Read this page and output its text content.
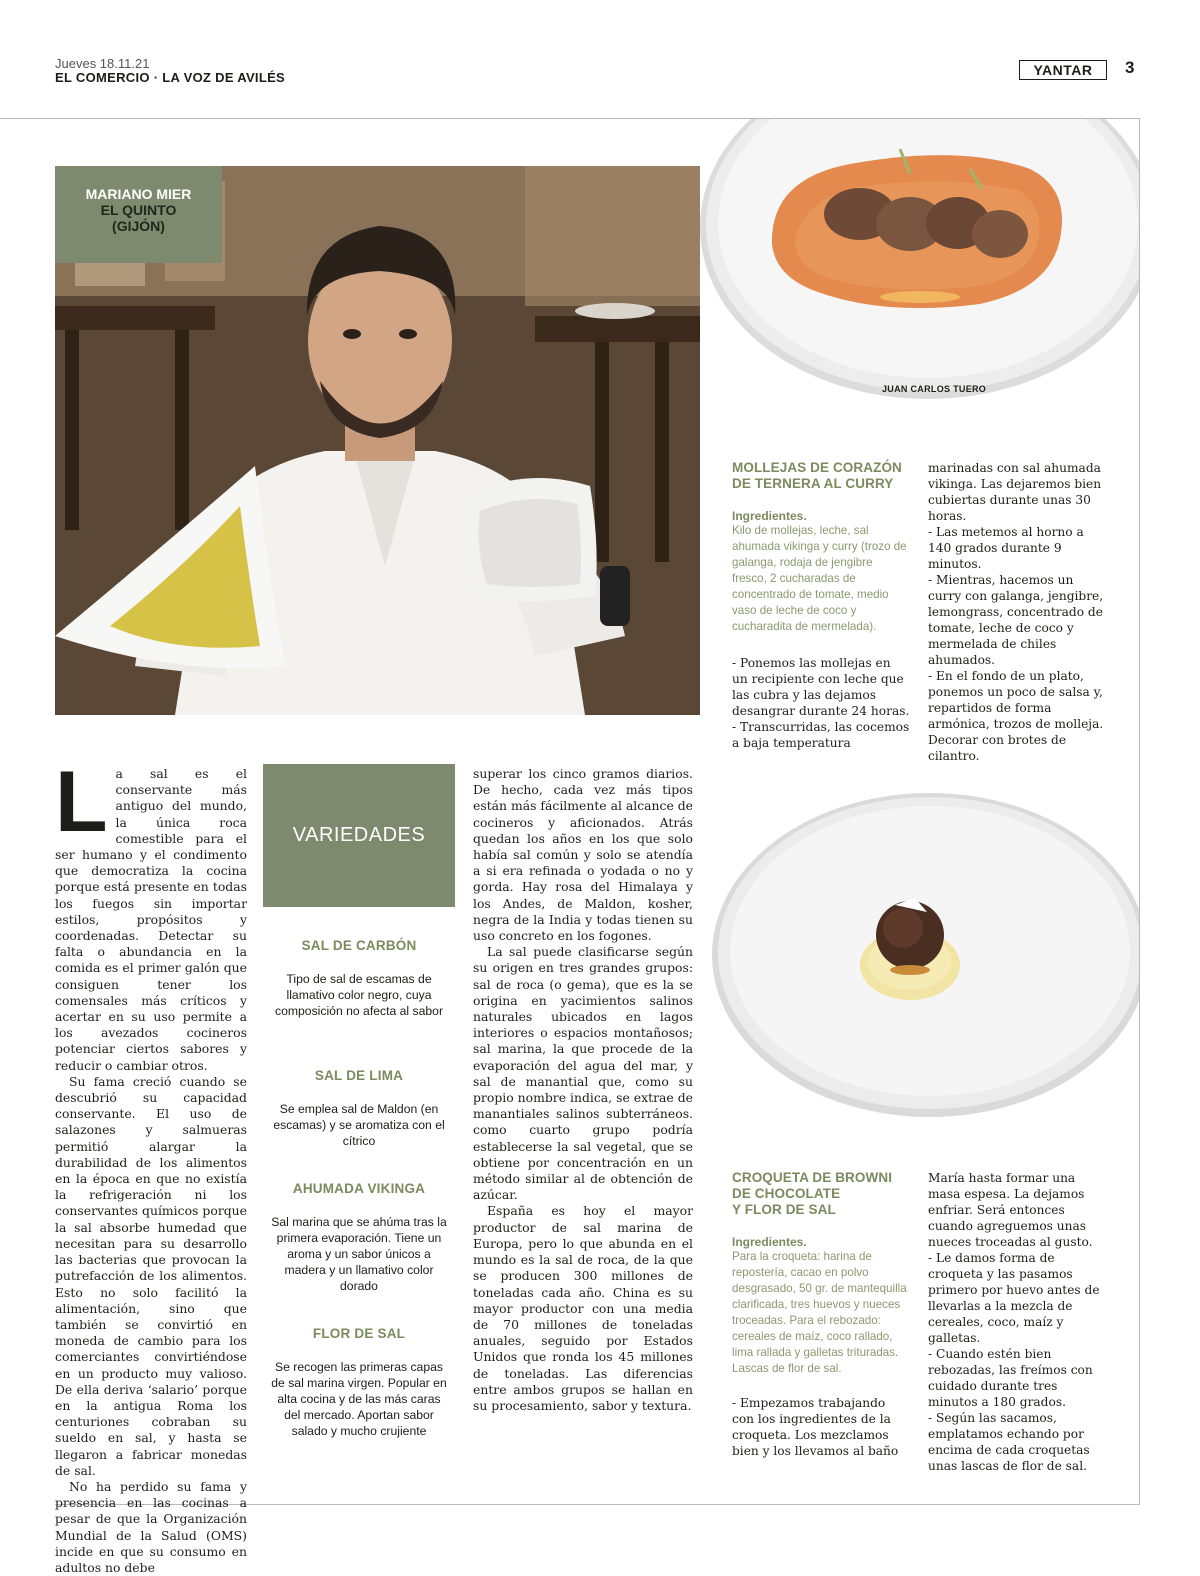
Jueves 18.11.21
EL COMERCIO · LA VOZ DE AVILÉS	YANTAR	3
MARIANO MIER
EL QUINTO
(GIJÓN)
JUAN CARLOS TUERO
MOLLEJAS DE CORAZÓN
DE TERNERA AL CURRY
Ingredientes.
Kilo de mollejas, leche, sal ahumada vikinga y curry (trozo de galanga, rodaja de jengibre fresco, 2 cucharadas de concentrado de tomate, medio vaso de leche de coco y cucharadita de mermelada).

- Ponemos las mollejas en un recipiente con leche que las cubra y las dejamos desangrar durante 24 horas.

- Transcurridas, las cocemos a baja temperatura

marinadas con sal ahumada vikinga. Las dejaremos bien cubiertas durante unas 30 horas.

- Las metemos al horno a 140 grados durante 9 minutos.

- Mientras, hacemos un curry con galanga, jengibre, lemongrass, concentrado de tomate, leche de coco y mermelada de chiles ahumados.

- En el fondo de un plato, ponemos un poco de salsa y, repartidos de forma armónica, trozos de molleja. Decorar con brotes de cilantro.

CROQUETA DE BROWNI
DE CHOCOLATE
Y FLOR DE SAL
Ingredientes.
Para la croqueta: harina de repostería, cacao en polvo desgrasado, 50 gr. de mantequilla clarificada, tres huevos y nueces troceadas. Para el rebozado: cereales de maíz, coco rallado, lima rallada y galletas trituradas. Lascas de flor de sal.

- Empezamos trabajando con los ingredientes de la croqueta. Los mezclamos bien y los llevamos al baño

María hasta formar una masa espesa. La dejamos enfriar. Será entonces cuando agreguemos unas nueces troceadas al gusto.

- Le damos forma de croqueta y las pasamos primero por huevo antes de llevarlas a la mezcla de cereales, coco, maíz y galletas.

- Cuando estén bien rebozadas, las freímos con cuidado durante tres minutos a 180 grados.

- Según las sacamos, emplatamos echando por encima de cada croquetas unas lascas de flor de sal.

L a sal es el conservante más antiguo del mundo, la única roca comestible para el ser humano y el condimento que democratiza la cocina porque está presente en todas los fuegos sin importar estilos, propósitos y coordenadas. Detectar su falta o abundancia en la comida es el primer galón que consiguen tener los comensales más críticos y acertar en su uso permite a los avezados cocineros potenciar ciertos sabores y reducir o cambiar otros.

Su fama creció cuando se descubrió su capacidad conservante. El uso de salazones y salmueras permitió alargar la durabilidad de los alimentos en la época en que no existía la refrigeración ni los conservantes químicos porque la sal absorbe humedad que necesitan para su desarrollo las bacterias que provocan la putrefacción de los alimentos. Esto no solo facilitó la alimentación, sino que también se convirtió en moneda de cambio para los comerciantes convirtiéndose en un producto muy valioso. De ella deriva ‘salario’ porque en la antigua Roma los centuriones cobraban su sueldo en sal, y hasta se llegaron a fabricar monedas de sal.

No ha perdido su fama y presencia en las cocinas a pesar de que la Organización Mundial de la Salud (OMS) incide en que su consumo en adultos no debe

VARIEDADES
SAL DE CARBÓN
Tipo de sal de escamas de llamativo color negro, cuya composición no afecta al sabor
SAL DE LIMA
Se emplea sal de Maldon (en escamas) y se aromatiza con el cítrico
AHUMADA VIKINGA
Sal marina que se ahúma tras la primera evaporación. Tiene un aroma y un sabor únicos a madera y un llamativo color dorado
FLOR DE SAL
Se recogen las primeras capas de sal marina virgen. Popular en alta cocina y de las más caras del mercado. Aportan sabor salado y mucho crujiente

superar los cinco gramos diarios. De hecho, cada vez más tipos están más fácilmente al alcance de cocineros y aficionados. Atrás quedan los años en los que solo había sal común y solo se atendía a si era refinada o yodada o no y gorda. Hay rosa del Himalaya y los Andes, de Maldon, kosher, negra de la India y todas tienen su uso concreto en los fogones.

La sal puede clasificarse según su origen en tres grandes grupos: sal de roca (o gema), que es la se origina en yacimientos salinos naturales ubicados en lagos interiores o espacios montañosos; sal marina, la que procede de la evaporación del agua del mar, y sal de manantial que, como su propio nombre indica, se extrae de manantiales salinos subterráneos. como cuarto grupo podría establecerse la sal vegetal, que se obtiene por concentración en un método similar al de obtención de azúcar.

España es hoy el mayor productor de sal marina de Europa, pero lo que abunda en el mundo es la sal de roca, de la que se producen 300 millones de toneladas cada año. China es su mayor productor con una media de 70 millones de toneladas anuales, seguido por Estados Unidos que ronda los 45 millones de toneladas. Las diferencias entre ambos grupos se hallan en su procesamiento, sabor y textura.
